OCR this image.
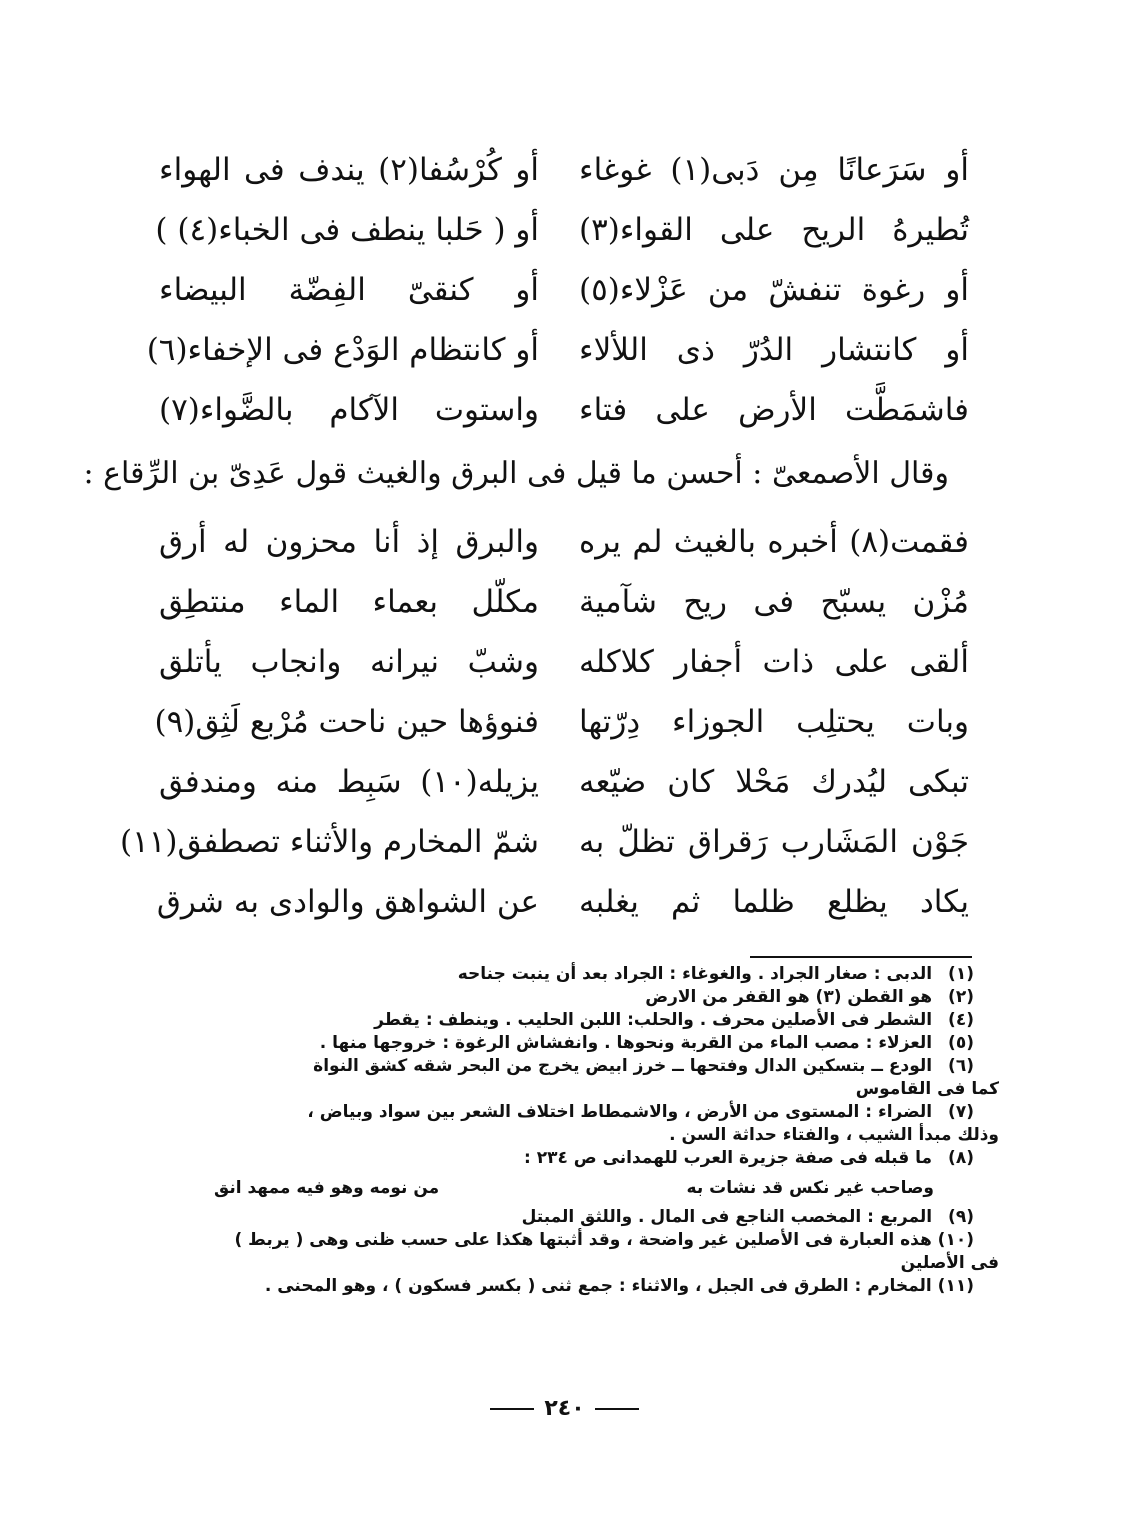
أو سَرَعانًا مِن دَبى(١) غوغاء
أو كُرْسُفا(٢) يندف فى الهواء
تُطيرهُ الريح على القواء(٣)
أو ( حَلبا ينطف فى الخباء(٤) )
أو رغوة تنفشّ من عَزْلاء(٥)
أو كنقىّ الفِضّة البيضاء
أو كانتشار الدُرّ ذى اللألاء
أو كانتظام الوَدْع فى الإخفاء(٦)
فاشمَطَّت الأرض على فتاء
واستوت الآكام بالضَّواء(٧)
وقال الأصمعىّ : أحسن ما قيل فى البرق والغيث قول عَدِىّ بن الرِّقاع :
فقمت(٨) أخبره بالغيث لم يره
والبرق إذ أنا محزون له أرق
مُزْن يسبّح فى ريح شآمية
مكلّل بعماء الماء منتطِق
ألقى على ذات أجفار كلاكله
وشبّ نيرانه وانجاب يأتلق
وبات يحتلِب الجوزاء دِرّتها
فنوؤها حين ناحت مُرْبع لَثِق(٩)
تبكى ليُدرك مَحْلا كان ضيّعه
يزيله(١٠) سَبِط منه ومندفق
جَوْن المَشَارب رَقراق تظلّ به
شمّ المخارم والأثناء تصطفق(١١)
يكاد يظلع ظلما ثم يغلبه
عن الشواهق والوادى به شرق
(١) الدبى : صغار الجراد . والغوغاء : الجراد بعد أن ينبت جناحه
(٢) هو القطن (٣) هو القفر من الارض
(٤) الشطر فى الأصلين محرف . والحلب: اللبن الحليب . وينطف : يقطر
(٥) العزلاء : مصب الماء من القربة ونحوها . وانفشاش الرغوة : خروجها منها .
(٦) الودع ــ بتسكين الدال وفتحها ــ خرز ابيض يخرج من البحر شقه كشق النواة
كما فى القاموس
(٧) الضراء : المستوى من الأرض ، والاشمطاط اختلاف الشعر بين سواد وبياض ،
وذلك مبدأ الشيب ، والفتاء حداثة السن .
(٨) ما قبله فى صفة جزيرة العرب للهمدانى ص ٢٣٤ :
وصاحب غير نكس قد نشات به
من نومه وهو فيه ممهد انق
(٩) المربع : المخصب الناجع فى المال . واللثق المبتل
(١٠) هذه العبارة فى الأصلين غير واضحة ، وقد أثبتها هكذا على حسب ظنى وهى ( يربط )
فى الأصلين
(١١) المخارم : الطرق فى الجبل ، والاثناء : جمع ثنى ( بكسر فسكون ) ، وهو المحنى .
٢٤٠
